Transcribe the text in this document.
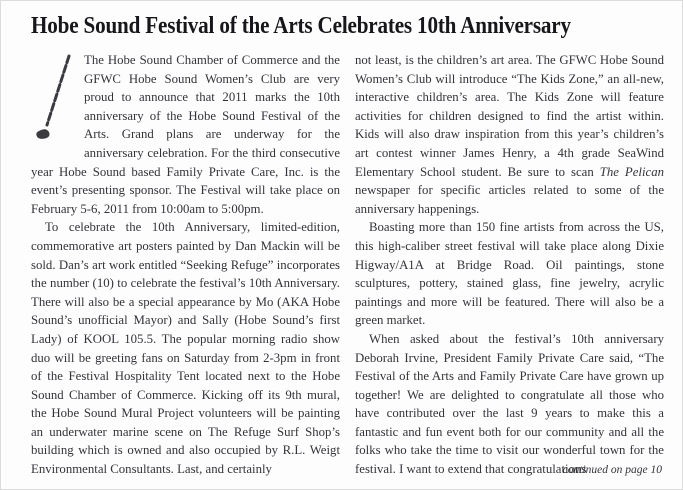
Hobe Sound Festival of the Arts Celebrates 10th Anniversary

The Hobe Sound Chamber of Commerce and the GFWC Hobe Sound Women’s Club are very proud to announce that 2011 marks the 10th anniversary of the Hobe Sound Festival of the Arts. Grand plans are underway for the anniversary celebration. For the third consecutive year Hobe Sound based Family Private Care, Inc. is the event’s presenting sponsor. The Festival will take place on February 5-6, 2011 from 10:00am to 5:00pm.

To celebrate the 10th Anniversary, limited-edition, commemorative art posters painted by Dan Mackin will be sold. Dan’s art work entitled “Seeking Refuge” incorporates the number (10) to celebrate the festival’s 10th Anniversary. There will also be a special appearance by Mo (AKA Hobe Sound’s unofficial Mayor) and Sally (Hobe Sound’s first Lady) of KOOL 105.5. The popular morning radio show duo will be greeting fans on Saturday from 2-3pm in front of the Festival Hospitality Tent located next to the Hobe Sound Chamber of Commerce. Kicking off its 9th mural, the Hobe Sound Mural Project volunteers will be painting an underwater marine scene on The Refuge Surf Shop’s building which is owned and also occupied by R.L. Weigt Environmental Consultants. Last, and certainly

not least, is the children’s art area. The GFWC Hobe Sound Women’s Club will introduce “The Kids Zone,” an all-new, interactive children’s area. The Kids Zone will feature activities for children designed to find the artist within. Kids will also draw inspiration from this year’s children’s art contest winner James Henry, a 4th grade SeaWind Elementary School student. Be sure to scan The Pelican newspaper for specific articles related to some of the anniversary happenings.

Boasting more than 150 fine artists from across the US, this high-caliber street festival will take place along Dixie Higway/A1A at Bridge Road. Oil paintings, stone sculptures, pottery, stained glass, fine jewelry, acrylic paintings and more will be featured. There will also be a green market.

When asked about the festival’s 10th anniversary Deborah Irvine, President Family Private Care said, “The Festival of the Arts and Family Private Care have grown up together! We are delighted to congratulate all those who have contributed over the last 9 years to make this a fantastic and fun event both for our community and all the folks who take the time to visit our wonderful town for the festival. I want to extend that congratulations

continued on page 10
